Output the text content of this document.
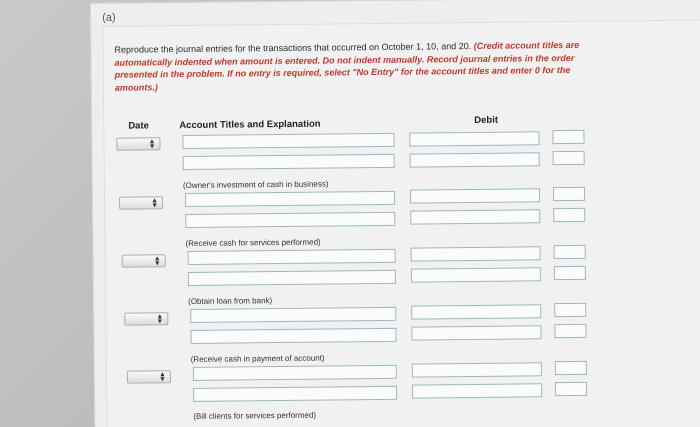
(a)
Reproduce the journal entries for the transactions that occurred on October 1, 10, and 20. (Credit account titles are automatically indented when amount is entered. Do not indent manually. Record journal entries in the order presented in the problem. If no entry is required, select "No Entry" for the account titles and enter 0 for the amounts.)
Date	Account Titles and Explanation	Debit
▲
▼
(Owner's investment of cash in business)
▲
▼
(Receive cash for services performed)
▲
▼
(Obtain loan from bank)
▲
▼
(Receive cash in payment of account)
▲
▼
(Bill clients for services performed)
